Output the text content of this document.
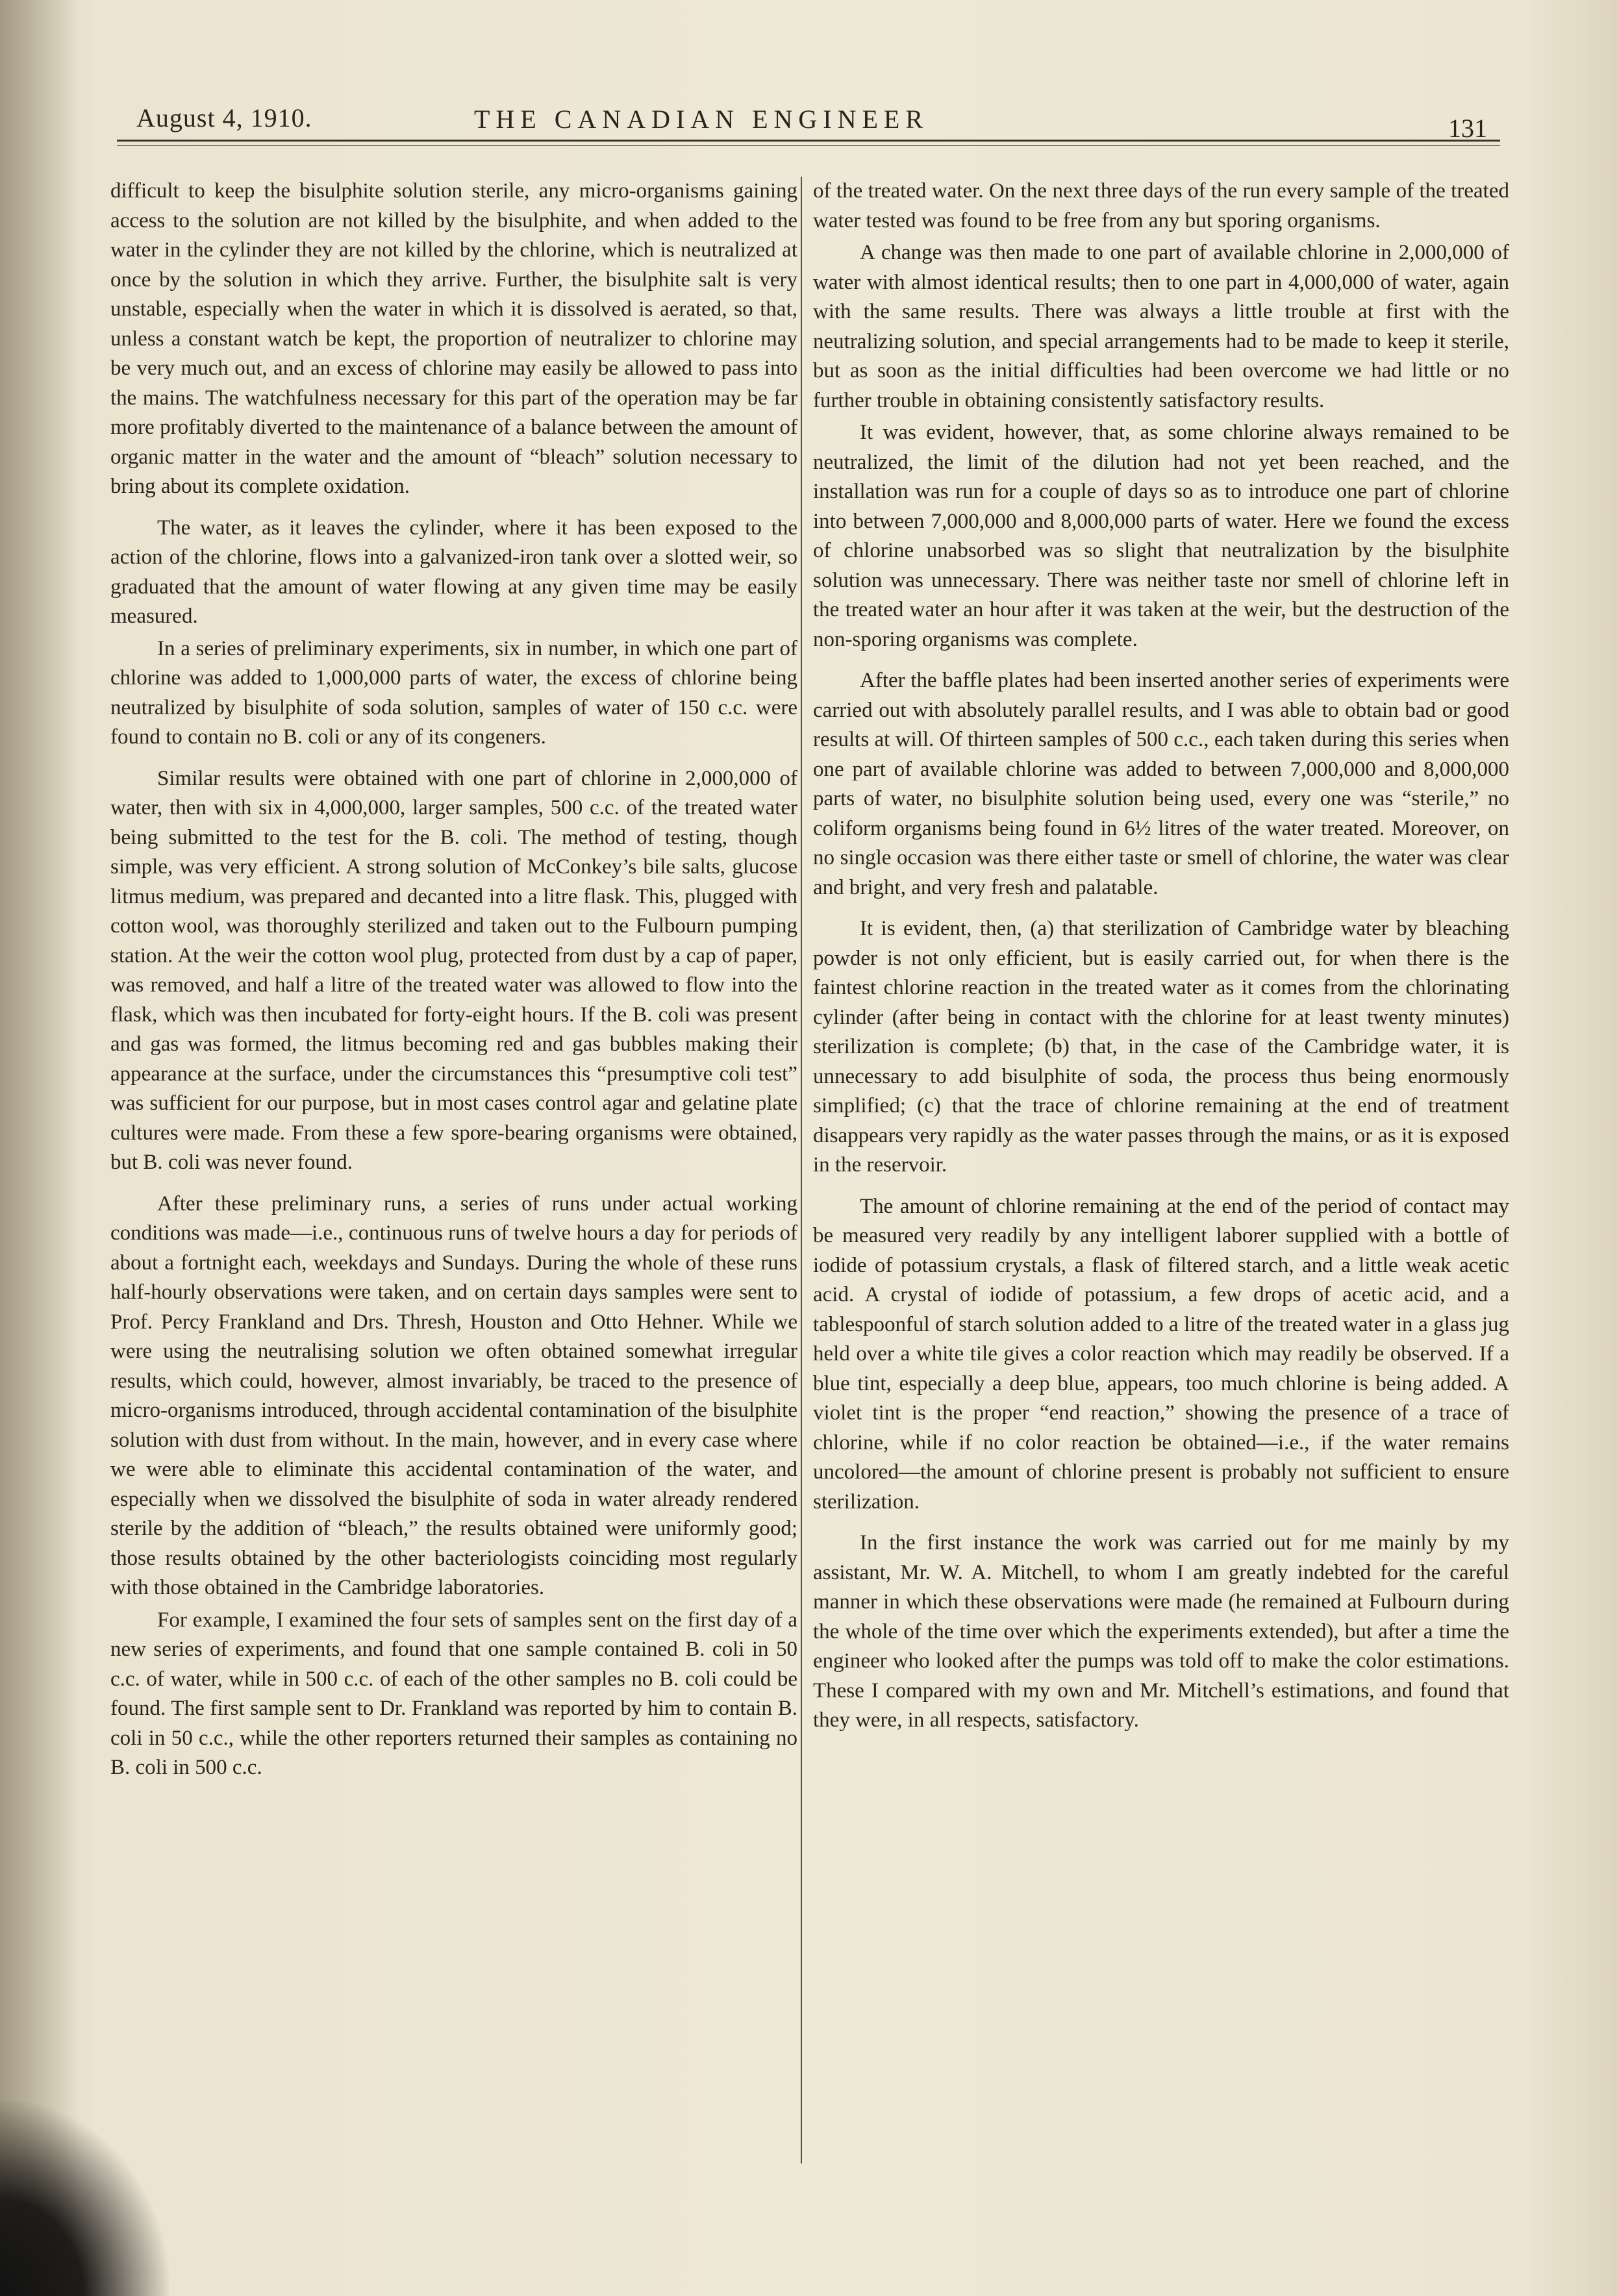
August 4, 1910.	THE CANADIAN ENGINEER	131

difficult to keep the bisulphite solution sterile, any micro-organisms gaining access to the solution are not killed by the bisulphite, and when added to the water in the cylinder they are not killed by the chlorine, which is neutralized at once by the solution in which they arrive. Further, the bisulphite salt is very unstable, especially when the water in which it is dissolved is aerated, so that, unless a constant watch be kept, the proportion of neutralizer to chlorine may be very much out, and an excess of chlorine may easily be allowed to pass into the mains. The watchfulness necessary for this part of the operation may be far more profitably diverted to the maintenance of a balance between the amount of organic matter in the water and the amount of “bleach” solution necessary to bring about its complete oxidation.

The water, as it leaves the cylinder, where it has been exposed to the action of the chlorine, flows into a galvanized-iron tank over a slotted weir, so graduated that the amount of water flowing at any given time may be easily measured.

In a series of preliminary experiments, six in number, in which one part of chlorine was added to 1,000,000 parts of water, the excess of chlorine being neutralized by bisulphite of soda solution, samples of water of 150 c.c. were found to contain no B. coli or any of its congeners.

Similar results were obtained with one part of chlorine in 2,000,000 of water, then with six in 4,000,000, larger samples, 500 c.c. of the treated water being submitted to the test for the B. coli. The method of testing, though simple, was very efficient. A strong solution of McConkey’s bile salts, glucose litmus medium, was prepared and decanted into a litre flask. This, plugged with cotton wool, was thoroughly sterilized and taken out to the Fulbourn pumping station. At the weir the cotton wool plug, protected from dust by a cap of paper, was removed, and half a litre of the treated water was allowed to flow into the flask, which was then incubated for forty-eight hours. If the B. coli was present and gas was formed, the litmus becoming red and gas bubbles making their appearance at the surface, under the circumstances this “presumptive coli test” was sufficient for our purpose, but in most cases control agar and gelatine plate cultures were made. From these a few spore-bearing organisms were obtained, but B. coli was never found.

After these preliminary runs, a series of runs under actual working conditions was made—i.e., continuous runs of twelve hours a day for periods of about a fortnight each, weekdays and Sundays. During the whole of these runs half-hourly observations were taken, and on certain days samples were sent to Prof. Percy Frankland and Drs. Thresh, Houston and Otto Hehner. While we were using the neutralising solution we often obtained somewhat irregular results, which could, however, almost invariably, be traced to the presence of micro-organisms introduced, through accidental contamination of the bisulphite solution with dust from without. In the main, however, and in every case where we were able to eliminate this accidental contamination of the water, and especially when we dissolved the bisulphite of soda in water already rendered sterile by the addition of “bleach,” the results obtained were uniformly good; those results obtained by the other bacteriologists coinciding most regularly with those obtained in the Cambridge laboratories.

For example, I examined the four sets of samples sent on the first day of a new series of experiments, and found that one sample contained B. coli in 50 c.c. of water, while in 500 c.c. of each of the other samples no B. coli could be found. The first sample sent to Dr. Frankland was reported by him to contain B. coli in 50 c.c., while the other reporters returned their samples as containing no B. coli in 500 c.c.

of the treated water. On the next three days of the run every sample of the treated water tested was found to be free from any but sporing organisms.

A change was then made to one part of available chlorine in 2,000,000 of water with almost identical results; then to one part in 4,000,000 of water, again with the same results. There was always a little trouble at first with the neutralizing solution, and special arrangements had to be made to keep it sterile, but as soon as the initial difficulties had been overcome we had little or no further trouble in obtaining consistently satisfactory results.

It was evident, however, that, as some chlorine always remained to be neutralized, the limit of the dilution had not yet been reached, and the installation was run for a couple of days so as to introduce one part of chlorine into between 7,000,000 and 8,000,000 parts of water. Here we found the excess of chlorine unabsorbed was so slight that neutralization by the bisulphite solution was unnecessary. There was neither taste nor smell of chlorine left in the treated water an hour after it was taken at the weir, but the destruction of the non-sporing organisms was complete.

After the baffle plates had been inserted another series of experiments were carried out with absolutely parallel results, and I was able to obtain bad or good results at will. Of thirteen samples of 500 c.c., each taken during this series when one part of available chlorine was added to between 7,000,000 and 8,000,000 parts of water, no bisulphite solution being used, every one was “sterile,” no coliform organisms being found in 6½ litres of the water treated. Moreover, on no single occasion was there either taste or smell of chlorine, the water was clear and bright, and very fresh and palatable.

It is evident, then, (a) that sterilization of Cambridge water by bleaching powder is not only efficient, but is easily carried out, for when there is the faintest chlorine reaction in the treated water as it comes from the chlorinating cylinder (after being in contact with the chlorine for at least twenty minutes) sterilization is complete; (b) that, in the case of the Cambridge water, it is unnecessary to add bisulphite of soda, the process thus being enormously simplified; (c) that the trace of chlorine remaining at the end of treatment disappears very rapidly as the water passes through the mains, or as it is exposed in the reservoir.

The amount of chlorine remaining at the end of the period of contact may be measured very readily by any intelligent laborer supplied with a bottle of iodide of potassium crystals, a flask of filtered starch, and a little weak acetic acid. A crystal of iodide of potassium, a few drops of acetic acid, and a tablespoonful of starch solution added to a litre of the treated water in a glass jug held over a white tile gives a color reaction which may readily be observed. If a blue tint, especially a deep blue, appears, too much chlorine is being added. A violet tint is the proper “end reaction,” showing the presence of a trace of chlorine, while if no color reaction be obtained—i.e., if the water remains uncolored—the amount of chlorine present is probably not sufficient to ensure sterilization.

In the first instance the work was carried out for me mainly by my assistant, Mr. W. A. Mitchell, to whom I am greatly indebted for the careful manner in which these observations were made (he remained at Fulbourn during the whole of the time over which the experiments extended), but after a time the engineer who looked after the pumps was told off to make the color estimations. These I compared with my own and Mr. Mitchell’s estimations, and found that they were, in all respects, satisfactory.
